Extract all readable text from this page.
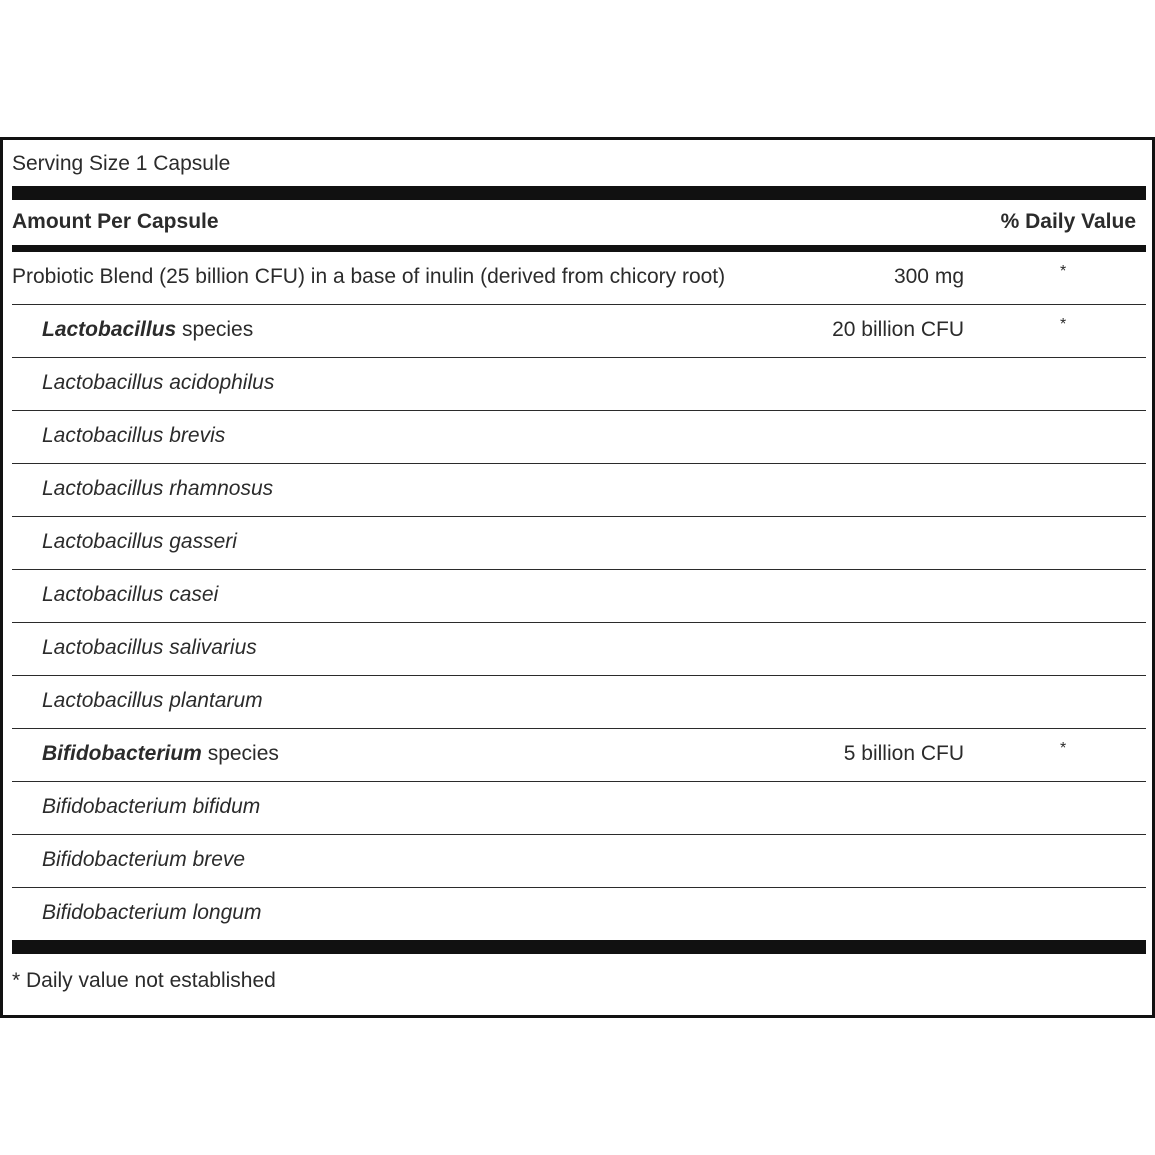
Serving Size 1 Capsule
Amount Per Capsule	% Daily Value
Probiotic Blend (25 billion CFU) in a base of inulin (derived from chicory root)	300 mg	*
Lactobacillus species	20 billion CFU	*
Lactobacillus acidophilus
Lactobacillus brevis
Lactobacillus rhamnosus
Lactobacillus gasseri
Lactobacillus casei
Lactobacillus salivarius
Lactobacillus plantarum
Bifidobacterium species	5 billion CFU	*
Bifidobacterium bifidum
Bifidobacterium breve
Bifidobacterium longum
* Daily value not established
